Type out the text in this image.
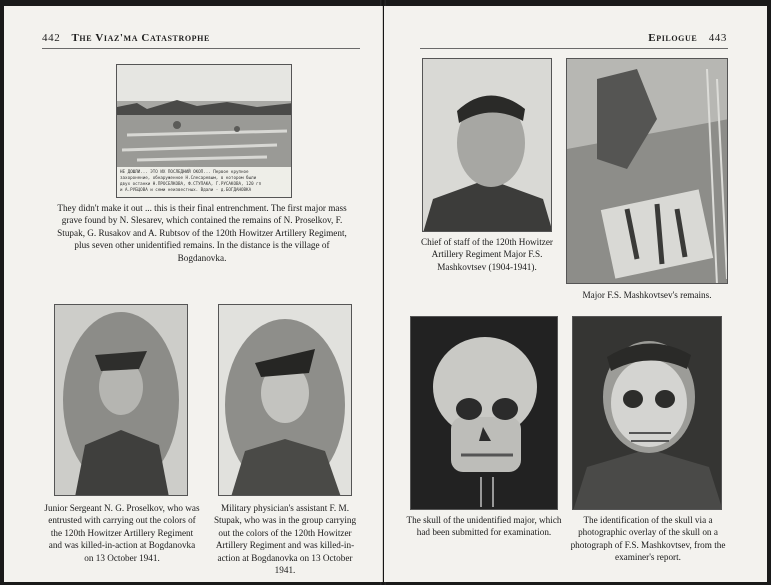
442 The Viaz'ma Catastrophe
НЕ ДОШЛИ... ЭТО ИХ ПОСЛЕДНИЙ ОКОП... Первое крупное
захоронение, обнаруженное Н.Слесаревым, в котором были
двух останки Н.ПРОСЕЛКОВА, Ф.СТУПАКА, Г.РУСАКОВА, 120 гп
и А.РУБЦОВА и семи неизвестных. Вдали - д.БОГДАНОВКА
They didn't make it out ... this is their final entrenchment. The first major mass grave found by N. Slesarev, which contained the remains of N. Proselkov, F. Stupak, G. Rusakov and A. Rubtsov of the 120th Howitzer Artillery Regiment, plus seven other unidentified remains. In the distance is the village of Bogdanovka.
Junior Sergeant N. G. Proselkov, who was entrusted with carrying out the colors of the 120th Howitzer Artillery Regiment and was killed-in-action at Bogdanovka on 13 October 1941.
Military physician's assistant F. M. Stupak, who was in the group carrying out the colors of the 120th Howitzer Artillery Regiment and was killed-in-action at Bogdanovka on 13 October 1941.
Epilogue 443
Chief of staff of the 120th Howitzer Artillery Regiment Major F.S. Mashkovtsev (1904-1941).
Major F.S. Mashkovtsev's remains.
The skull of the unidentified major, which had been submitted for examination.
The identification of the skull via a photographic overlay of the skull on a photograph of F.S. Mashkovtsev, from the examiner's report.
